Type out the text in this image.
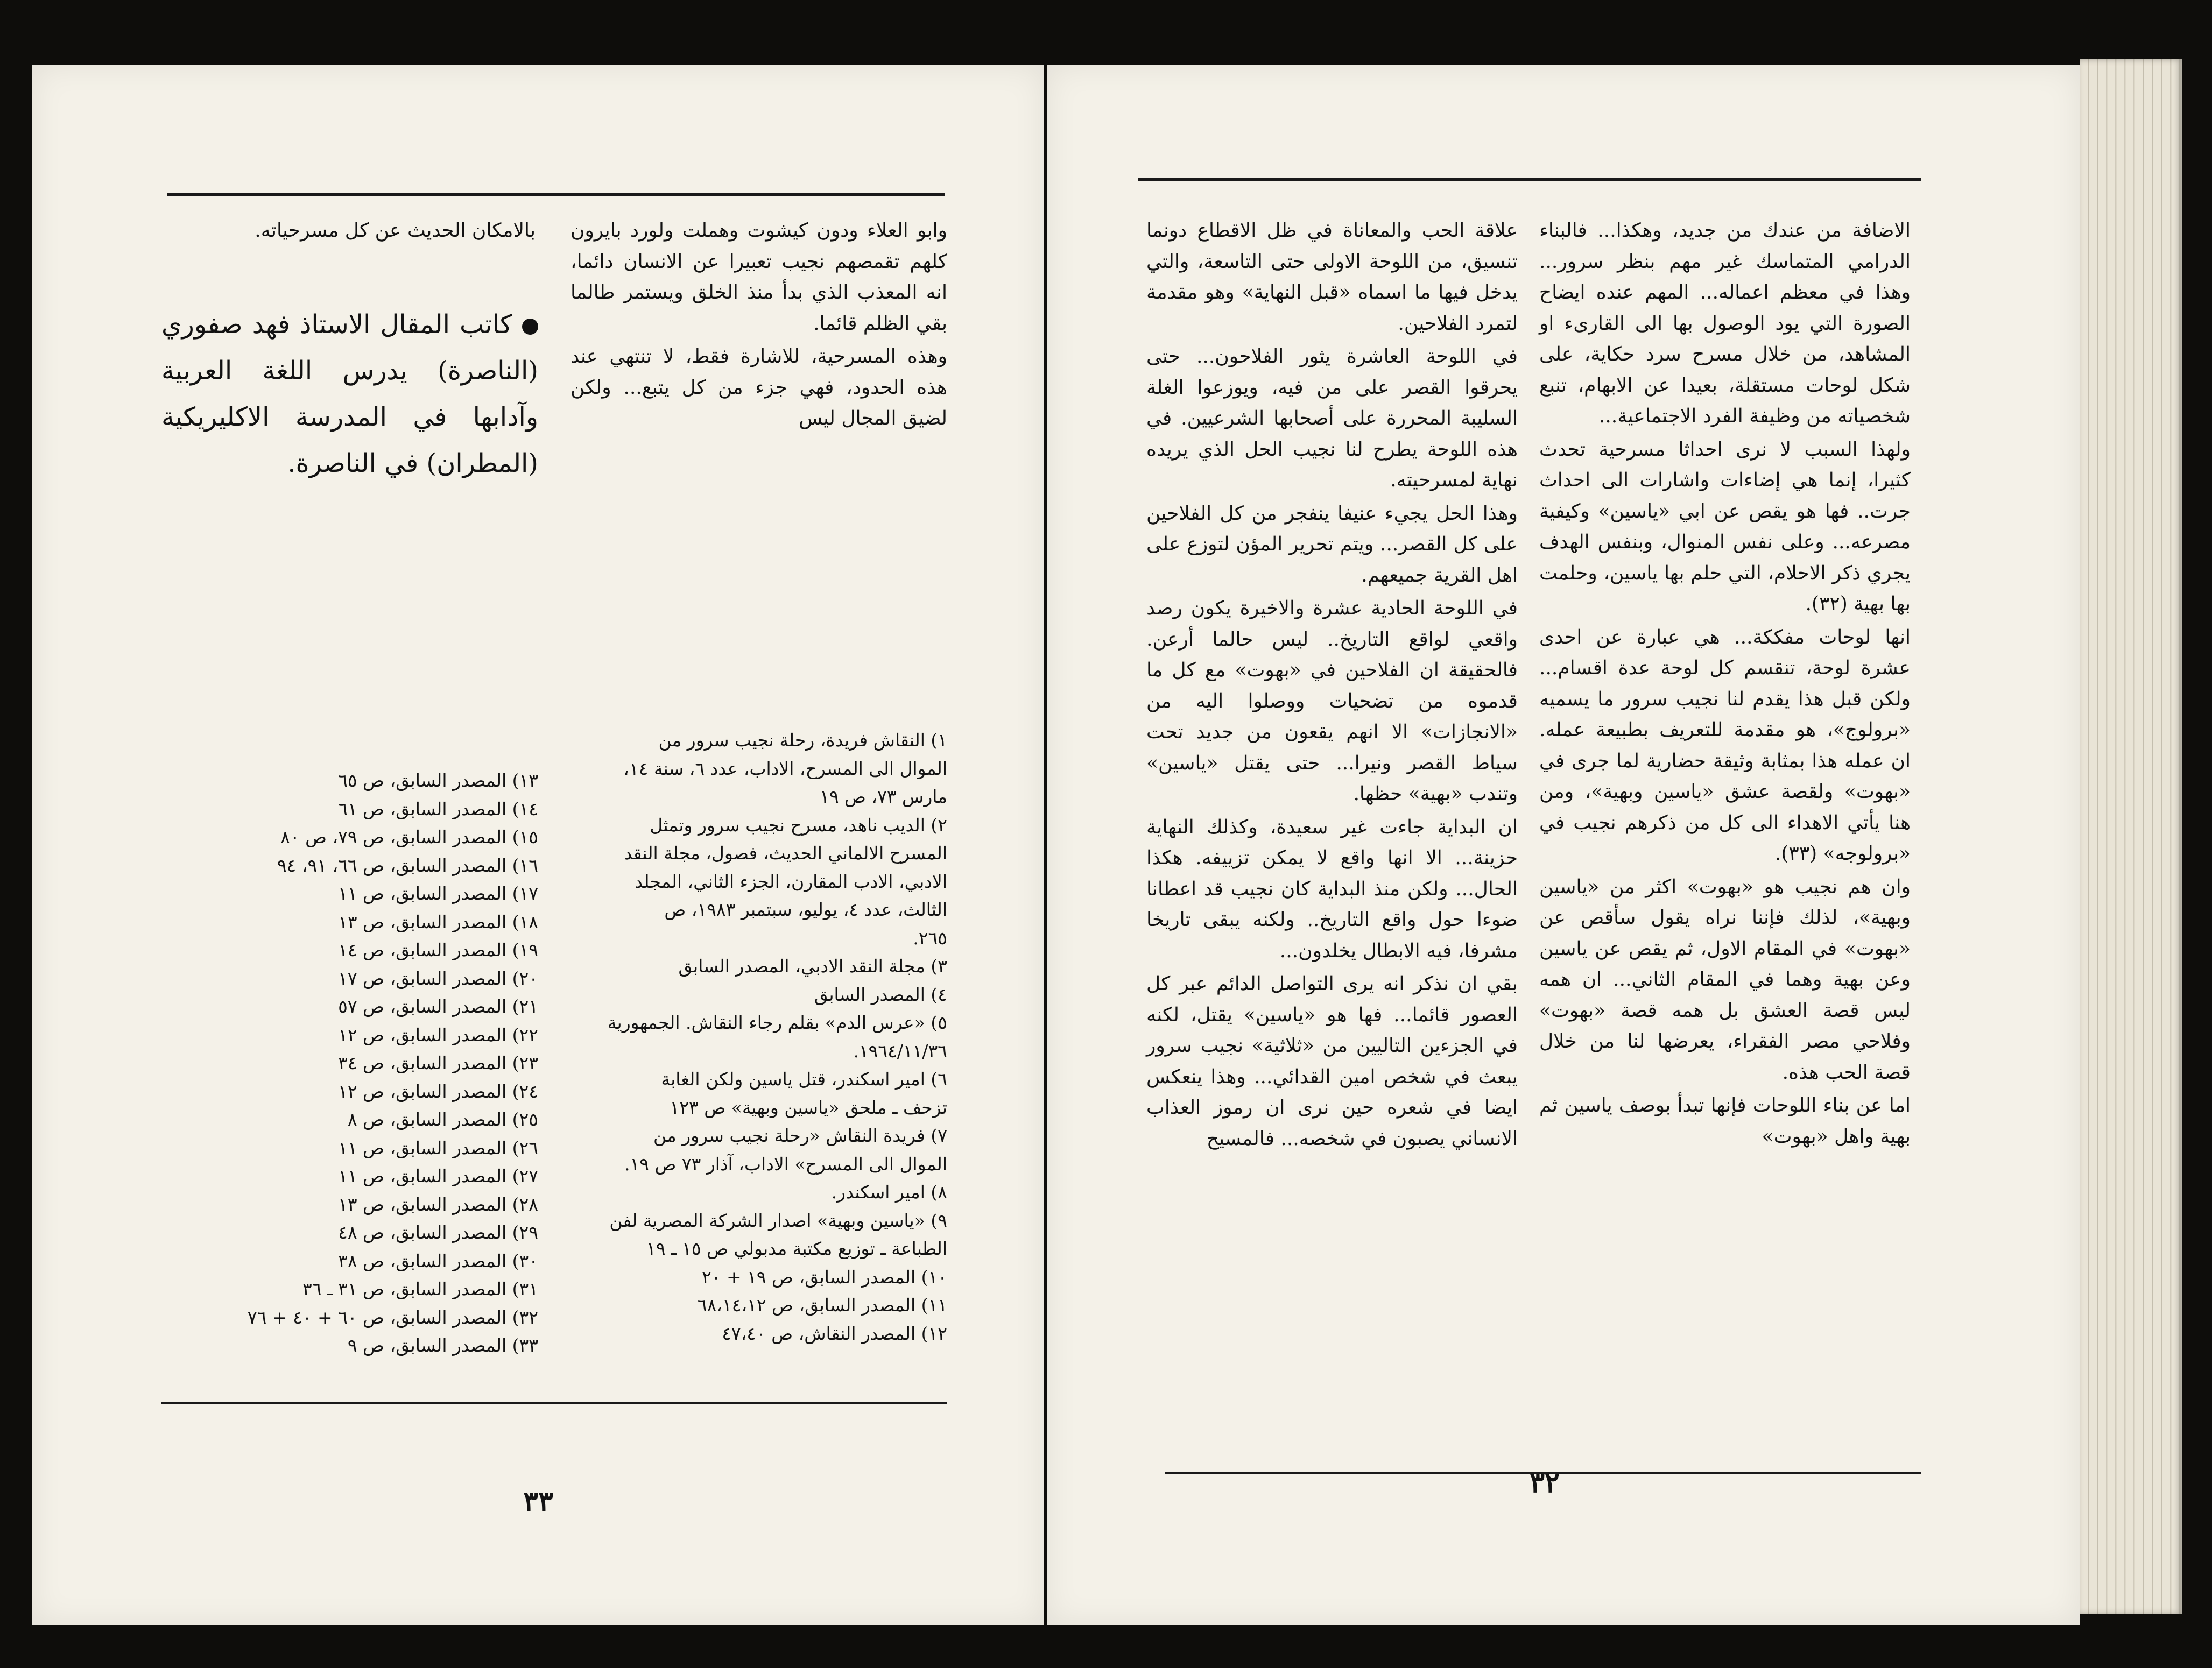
وابو العلاء ودون كيشوت وهملت ولورد بايرون كلهم تقمصهم نجيب تعبيرا عن الانسان دائما، انه المعذب الذي بدأ منذ الخلق ويستمر طالما بقي الظلم قائما.

وهذه المسرحية، للاشارة فقط، لا تنتهي عند هذه الحدود، فهي جزء من كل يتبع... ولكن لضيق المجال ليس

بالامكان الحديث عن كل مسرحياته.

كاتب المقال الاستاذ فهد صفوري (الناصرة) يدرس اللغة العربية وآدابها في المدرسة الاكليريكية (المطران) في الناصرة.
١) النقاش فريدة، رحلة نجيب سرور من
الموال الى المسرح، الاداب، عدد ٦، سنة ١٤،
مارس ٧٣، ص ١٩
٢) الديب ناهد، مسرح نجيب سرور وتمثل
المسرح الالماني الحديث، فصول، مجلة النقد
الادبي، الادب المقارن، الجزء الثاني، المجلد
الثالث، عدد ٤، يوليو، سبتمبر ١٩٨٣، ص
٢٦٥.
٣) مجلة النقد الادبي، المصدر السابق
٤) المصدر السابق
٥) «عرس الدم» بقلم رجاء النقاش. الجمهورية
١٩٦٤/١١/٣٦.
٦) امير اسكندر، قتل ياسين ولكن الغابة
تزحف ـ ملحق «ياسين وبهية» ص ١٢٣
٧) فريدة النقاش «رحلة نجيب سرور من
الموال الى المسرح» الاداب، آذار ٧٣ ص ١٩.
٨) امير اسكندر.
٩) «ياسين وبهية» اصدار الشركة المصرية لفن
الطباعة ـ توزيع مكتبة مدبولي ص ١٥ ـ ١٩
١٠) المصدر السابق، ص ١٩ + ٢٠
١١) المصدر السابق، ص ٦٨،١٤،١٢
١٢) المصدر النقاش، ص ٤٧،٤٠
١٣) المصدر السابق، ص ٦٥
١٤) المصدر السابق، ص ٦١
١٥) المصدر السابق، ص ٧٩، ص ٨٠
١٦) المصدر السابق، ص ٦٦، ٩١، ٩٤
١٧) المصدر السابق، ص ١١
١٨) المصدر السابق، ص ١٣
١٩) المصدر السابق، ص ١٤
٢٠) المصدر السابق، ص ١٧
٢١) المصدر السابق، ص ٥٧
٢٢) المصدر السابق، ص ١٢
٢٣) المصدر السابق، ص ٣٤
٢٤) المصدر السابق، ص ١٢
٢٥) المصدر السابق، ص ٨
٢٦) المصدر السابق، ص ١١
٢٧) المصدر السابق، ص ١١
٢٨) المصدر السابق، ص ١٣
٢٩) المصدر السابق، ص ٤٨
٣٠) المصدر السابق، ص ٣٨
٣١) المصدر السابق، ص ٣١ ـ ٣٦
٣٢) المصدر السابق، ص ٦٠ + ٤٠ + ٧٦
٣٣) المصدر السابق، ص ٩
٣٣

الاضافة من عندك من جديد، وهكذا... فالبناء الدرامي المتماسك غير مهم بنظر سرور... وهذا في معظم اعماله... المهم عنده ايضاح الصورة التي يود الوصول بها الى القارىء او المشاهد، من خلال مسرح سرد حكاية، على شكل لوحات مستقلة، بعيدا عن الابهام، تنبع شخصياته من وظيفة الفرد الاجتماعية...

ولهذا السبب لا نرى احداثا مسرحية تحدث كثيرا، إنما هي إضاءات واشارات الى احداث جرت.. فها هو يقص عن ابي «ياسين» وكيفية مصرعه... وعلى نفس المنوال، وبنفس الهدف يجري ذكر الاحلام، التي حلم بها ياسين، وحلمت بها بهية (٣٢).

انها لوحات مفككة... هي عبارة عن احدى عشرة لوحة، تنقسم كل لوحة عدة اقسام... ولكن قبل هذا يقدم لنا نجيب سرور ما يسميه «برولوج»، هو مقدمة للتعريف بطبيعة عمله. ان عمله هذا بمثابة وثيقة حضارية لما جرى في «بهوت» ولقصة عشق «ياسين وبهية»، ومن هنا يأتي الاهداء الى كل من ذكرهم نجيب في «برولوجه» (٣٣).

وان هم نجيب هو «بهوت» اكثر من «ياسين وبهية»، لذلك فإننا نراه يقول سأقص عن «بهوت» في المقام الاول، ثم يقص عن ياسين وعن بهية وهما في المقام الثاني... ان همه ليس قصة العشق بل همه قصة «بهوت» وفلاحي مصر الفقراء، يعرضها لنا من خلال قصة الحب هذه.

اما عن بناء اللوحات فإنها تبدأ بوصف ياسين ثم بهية واهل «بهوت»

علاقة الحب والمعاناة في ظل الاقطاع دونما تنسيق، من اللوحة الاولى حتى التاسعة، والتي يدخل فيها ما اسماه «قبل النهاية» وهو مقدمة لتمرد الفلاحين.

في اللوحة العاشرة يثور الفلاحون... حتى يحرقوا القصر على من فيه، ويوزعوا الغلة السليبة المحررة على أصحابها الشرعيين. في هذه اللوحة يطرح لنا نجيب الحل الذي يريده نهاية لمسرحيته.

وهذا الحل يجيء عنيفا ينفجر من كل الفلاحين على كل القصر... ويتم تحرير المؤن لتوزع على اهل القرية جميعهم.

في اللوحة الحادية عشرة والاخيرة يكون رصد واقعي لواقع التاريخ.. ليس حالما أرعن. فالحقيقة ان الفلاحين في «بهوت» مع كل ما قدموه من تضحيات ووصلوا اليه من «الانجازات» الا انهم يقعون من جديد تحت سياط القصر ونيرا... حتى يقتل «ياسين» وتندب «بهية» حظها.

ان البداية جاءت غير سعيدة، وكذلك النهاية حزينة... الا انها واقع لا يمكن تزييفه. هكذا الحال... ولكن منذ البداية كان نجيب قد اعطانا ضوءا حول واقع التاريخ.. ولكنه يبقى تاريخا مشرفا، فيه الابطال يخلدون...

بقي ان نذكر انه يرى التواصل الدائم عبر كل العصور قائما... فها هو «ياسين» يقتل، لكنه في الجزءين التاليين من «ثلاثية» نجيب سرور يبعث في شخص امين القدائي... وهذا ينعكس ايضا في شعره حين نرى ان رموز العذاب الانساني يصبون في شخصه... فالمسيح

٣٢
